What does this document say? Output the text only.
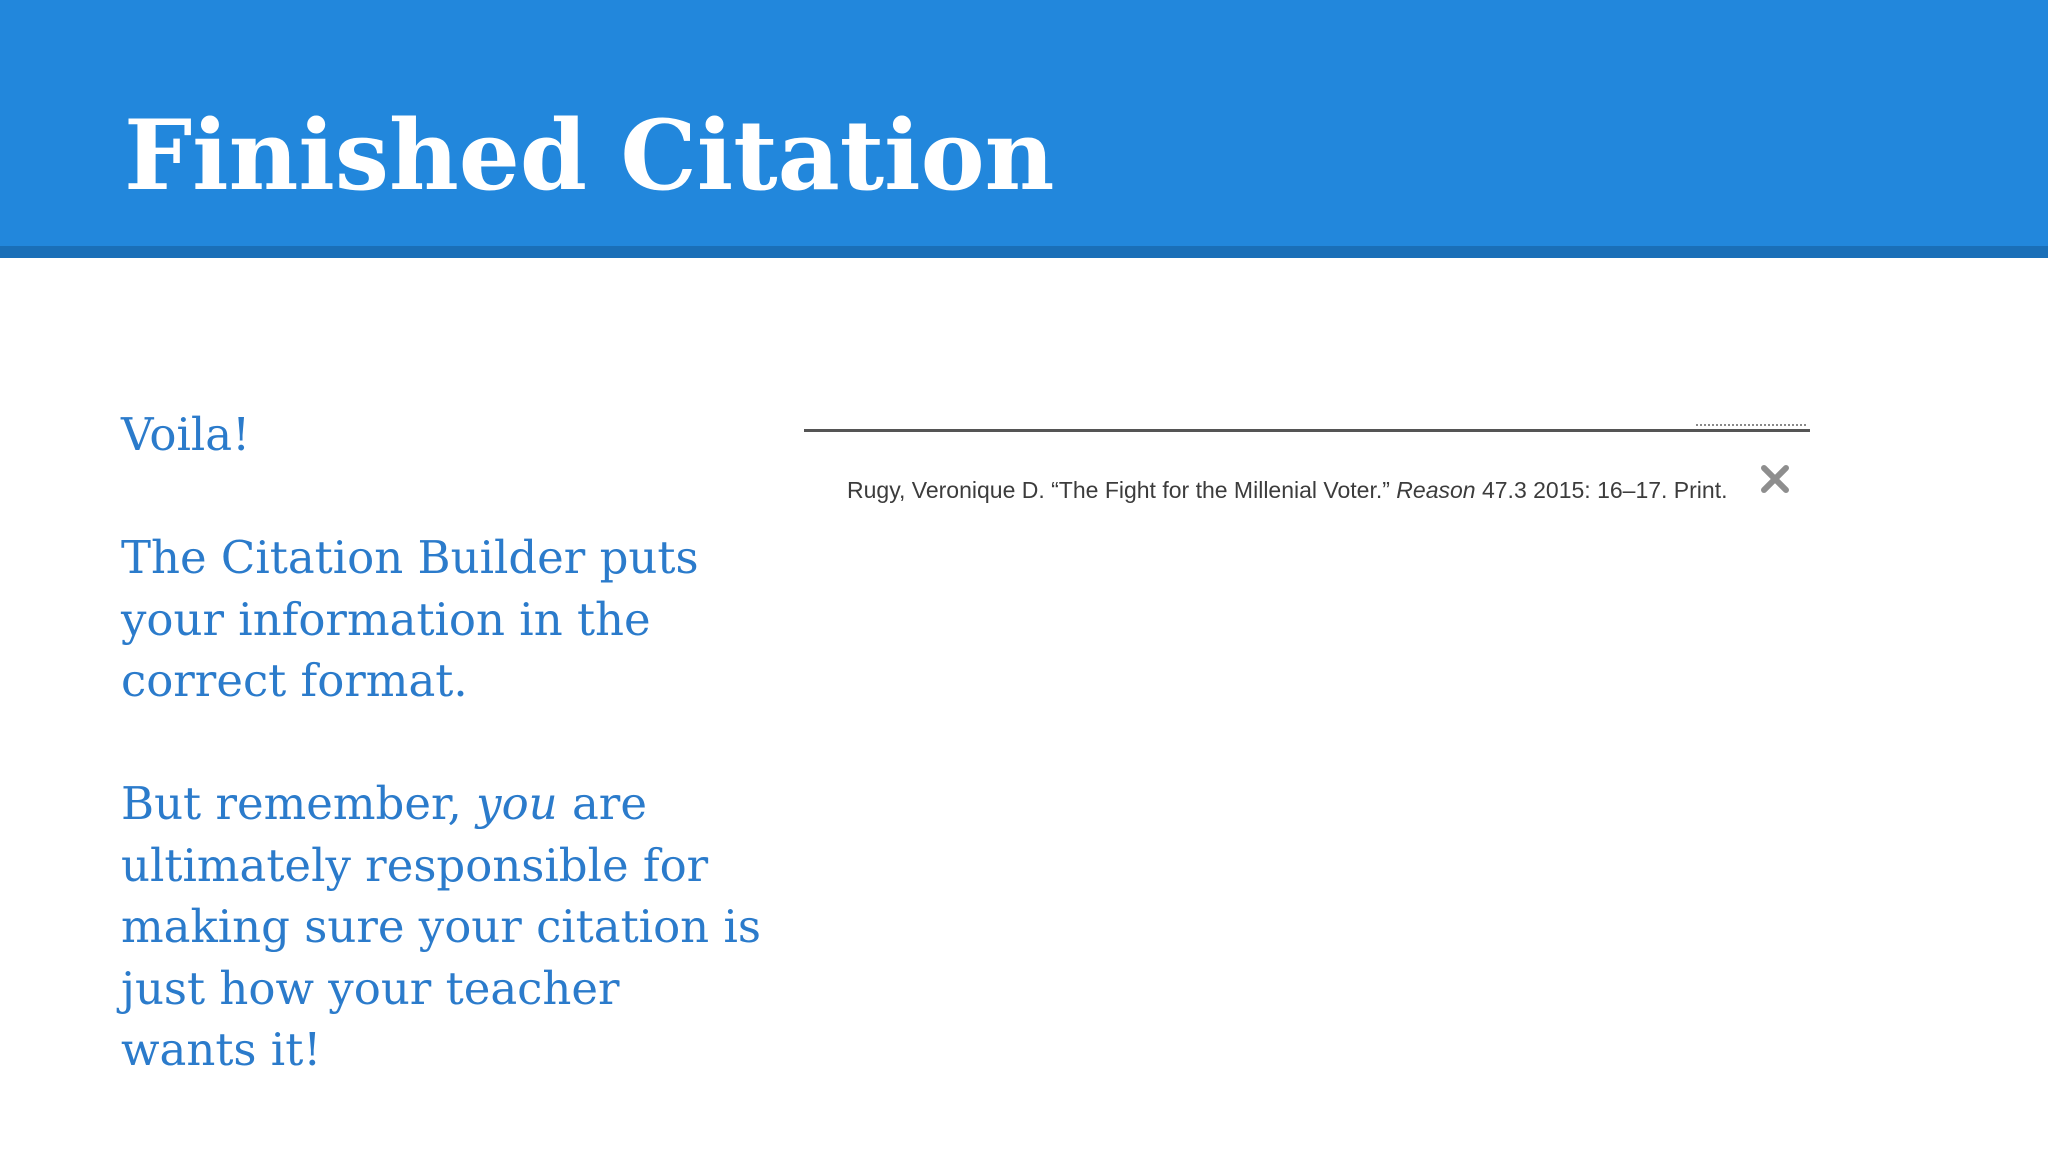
Finished Citation

Voila!

The Citation Builder puts your information in the correct format.

But remember, you are ultimately responsible for making sure your citation is just how your teacher wants it!

Rugy, Veronique D. “The Fight for the Millenial Voter.” Reason 47.3 2015: 16–17. Print.
